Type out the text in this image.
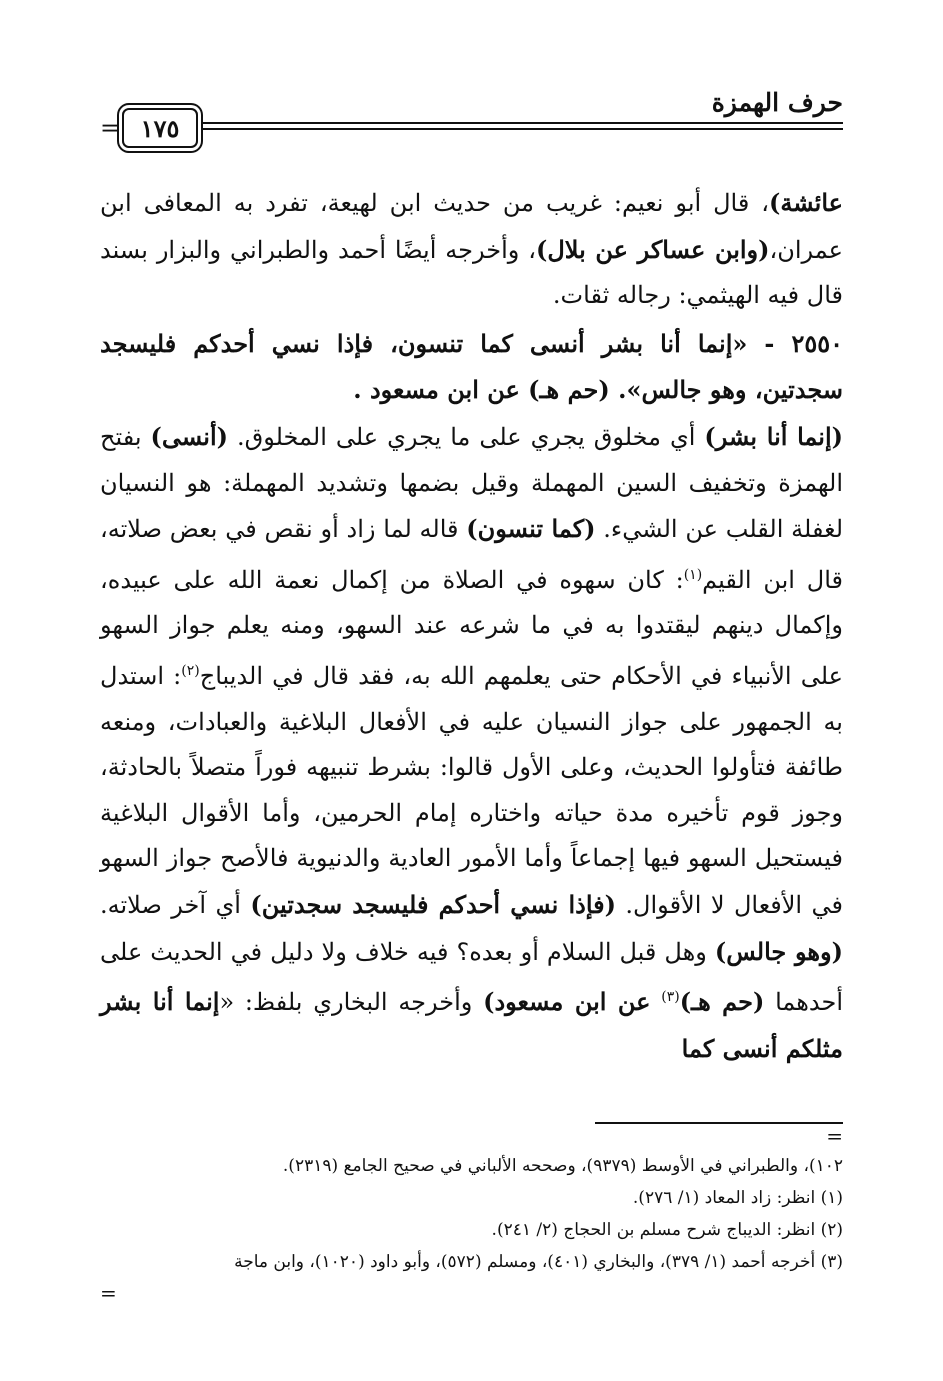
حرف الهمزة
١٧٥
=

عائشة)، قال أبو نعيم: غريب من حديث ابن لهيعة، تفرد به المعافى ابن عمران،(وابن عساكر عن بلال)، وأخرجه أيضًا أحمد والطبراني والبزار بسند قال فيه الهيثمي: رجاله ثقات.

٢٥٥٠ - «إنما أنا بشر أنسى كما تنسون، فإذا نسي أحدكم فليسجد سجدتين، وهو جالس». (حم هـ) عن ابن مسعود .

(إنما أنا بشر) أي مخلوق يجري على ما يجري على المخلوق. (أنسى) بفتح الهمزة وتخفيف السين المهملة وقيل بضمها وتشديد المهملة: هو النسيان لغفلة القلب عن الشيء. (كما تنسون) قاله لما زاد أو نقص في بعض صلاته، قال ابن القيم$^{(١)}$: كان سهوه في الصلاة من إكمال نعمة الله على عبيده، وإكمال دينهم ليقتدوا به في ما شرعه عند السهو، ومنه يعلم جواز السهو على الأنبياء في الأحكام حتى يعلمهم الله به، فقد قال في الديباج$^{(٢)}$: استدل به الجمهور على جواز النسيان عليه في الأفعال البلاغية والعبادات، ومنعه طائفة فتأولوا الحديث، وعلى الأول قالوا: بشرط تنبيهه فوراً متصلاً بالحادثة، وجوز قوم تأخيره مدة حياته واختاره إمام الحرمين، وأما الأقوال البلاغية فيستحيل السهو فيها إجماعاً وأما الأمور العادية والدنيوية فالأصح جواز السهو في الأفعال لا الأقوال. (فإذا نسي أحدكم فليسجد سجدتين) أي آخر صلاته. (وهو جالس) وهل قبل السلام أو بعده؟ فيه خلاف ولا دليل في الحديث على أحدهما (حم هـ)$^{(٣)}$ عن ابن مسعود) وأخرجه البخاري بلفظ: «إنما أنا بشر مثلكم أنسى كما

=

١٠٢)، والطبراني في الأوسط (٩٣٧٩)، وصححه الألباني في صحيح الجامع (٢٣١٩).

(١) انظر: زاد المعاد (١/ ٢٧٦).

(٢) انظر: الديباج شرح مسلم بن الحجاج (٢/ ٢٤١).

(٣) أخرجه أحمد (١/ ٣٧٩)، والبخاري (٤٠١)، ومسلم (٥٧٢)، وأبو داود (١٠٢٠)، وابن ماجة

=
